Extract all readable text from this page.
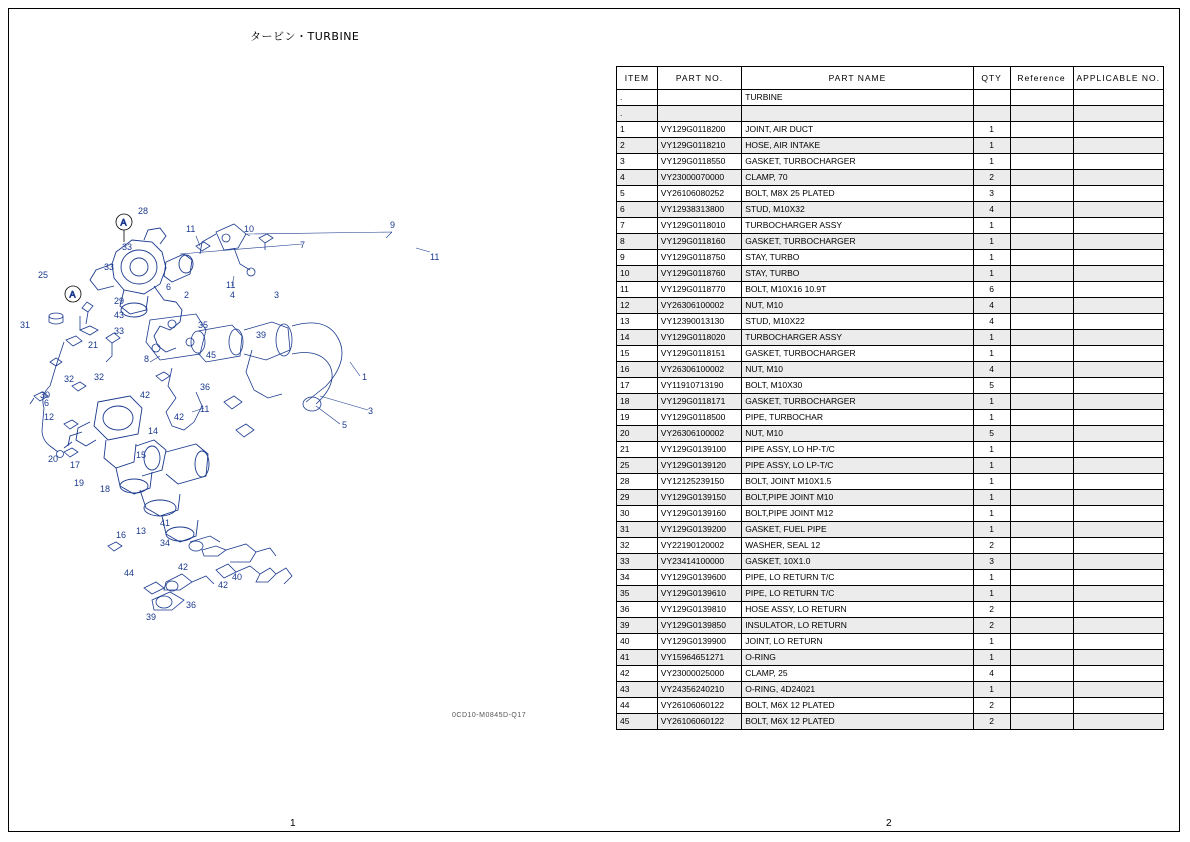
タービン・TURBINE
A
A
11	10
11
9
11
7
11
28
33
33
33
29
25
31
21
32
32
30
8
6
2	4	3
35
39
45
1
42
36
3
5
12
6
14
42
20
17
19
18
15
16 13
41
34
44
42
42
40
39
36
43
0CD10-M0845D-Q17
ITEM	PART NO.	PART NAME	QTY	Reference	APPLICABLE NO.
.		TURBINE			
.					
1	VY129G0118200	JOINT, AIR DUCT	1		
2	VY129G0118210	HOSE, AIR INTAKE	1		
3	VY129G0118550	GASKET, TURBOCHARGER	1		
4	VY23000070000	CLAMP, 70	2		
5	VY26106080252	BOLT, M8X 25 PLATED	3		
6	VY12938313800	STUD, M10X32	4		
7	VY129G0118010	TURBOCHARGER ASSY	1		
8	VY129G0118160	GASKET, TURBOCHARGER	1		
9	VY129G0118750	STAY, TURBO	1		
10	VY129G0118760	STAY, TURBO	1		
11	VY129G0118770	BOLT, M10X16 10.9T	6		
12	VY26306100002	NUT, M10	4		
13	VY12390013130	STUD, M10X22	4		
14	VY129G0118020	TURBOCHARGER ASSY	1		
15	VY129G0118151	GASKET, TURBOCHARGER	1		
16	VY26306100002	NUT, M10	4		
17	VY11910713190	BOLT, M10X30	5		
18	VY129G0118171	GASKET, TURBOCHARGER	1		
19	VY129G0118500	PIPE, TURBOCHAR	1		
20	VY26306100002	NUT, M10	5		
21	VY129G0139100	PIPE ASSY, LO HP-T/C	1		
25	VY129G0139120	PIPE ASSY, LO LP-T/C	1		
28	VY12125239150	BOLT, JOINT M10X1.5	1		
29	VY129G0139150	BOLT,PIPE JOINT M10	1		
30	VY129G0139160	BOLT,PIPE JOINT M12	1		
31	VY129G0139200	GASKET, FUEL PIPE	1		
32	VY22190120002	WASHER, SEAL 12	2		
33	VY23414100000	GASKET, 10X1.0	3		
34	VY129G0139600	PIPE, LO RETURN T/C	1		
35	VY129G0139610	PIPE, LO RETURN T/C	1		
36	VY129G0139810	HOSE ASSY, LO RETURN	2		
39	VY129G0139850	INSULATOR, LO RETURN	2		
40	VY129G0139900	JOINT, LO RETURN	1		
41	VY15964651271	O-RING	1		
42	VY23000025000	CLAMP, 25	4		
43	VY24356240210	O-RING, 4D24021	1		
44	VY26106060122	BOLT, M6X 12 PLATED	2		
45	VY26106060122	BOLT, M6X 12 PLATED	2		
1	2
